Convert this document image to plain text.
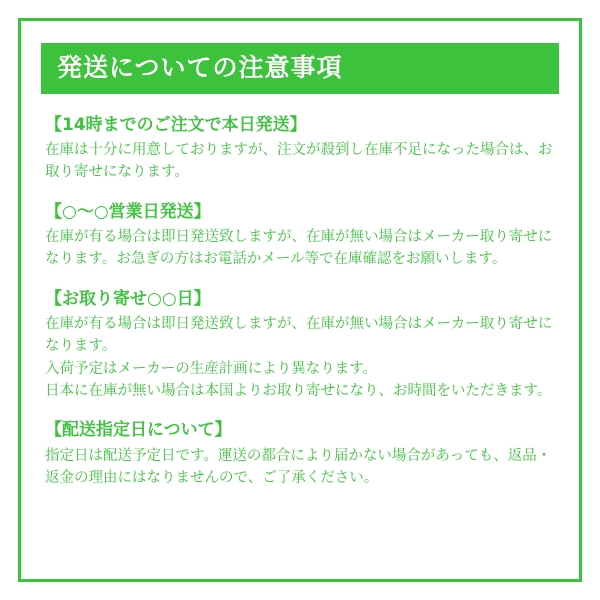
発送についての注意事項
【14時までのご注文で本日発送】

在庫は十分に用意しておりますが、注文が殺到し在庫不足になった場合は、お取り寄せになります。

【○〜○営業日発送】

在庫が有る場合は即日発送致しますが、在庫が無い場合はメーカー取り寄せになります。お急ぎの方はお電話かメール等で在庫確認をお願いします。

【お取り寄せ○○日】

在庫が有る場合は即日発送致しますが、在庫が無い場合はメーカー取り寄せになります。

入荷予定はメーカーの生産計画により異なります。

日本に在庫が無い場合は本国よりお取り寄せになり、お時間をいただきます。

【配送指定日について】

指定日は配送予定日です。運送の都合により届かない場合があっても、返品・返金の理由にはなりませんので、ご了承ください。
